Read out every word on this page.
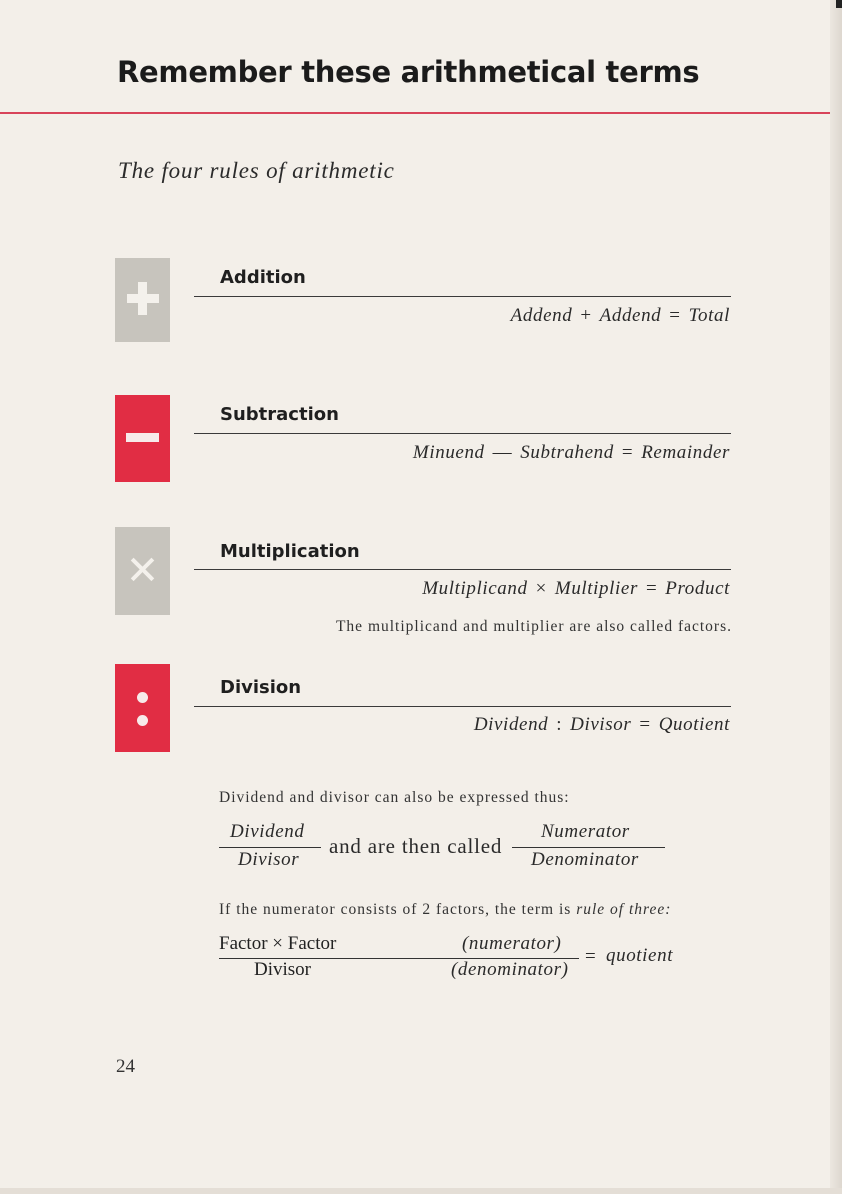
Remember these arithmetical terms
The four rules of arithmetic
Addition
Addend + Addend = Total
Subtraction
Minuend — Subtrahend = Remainder
✕	Multiplication
Multiplicand × Multiplier = Product
The multiplicand and multiplier are also called factors.
Division
Dividend : Divisor = Quotient
Dividend and divisor can also be expressed thus:
Dividend
Divisor
and are then called
Numerator
Denominator
If the numerator consists of 2 factors, the term is rule of three:
Factor × Factor	(numerator)
Divisor	(denominator)
= quotient
24
